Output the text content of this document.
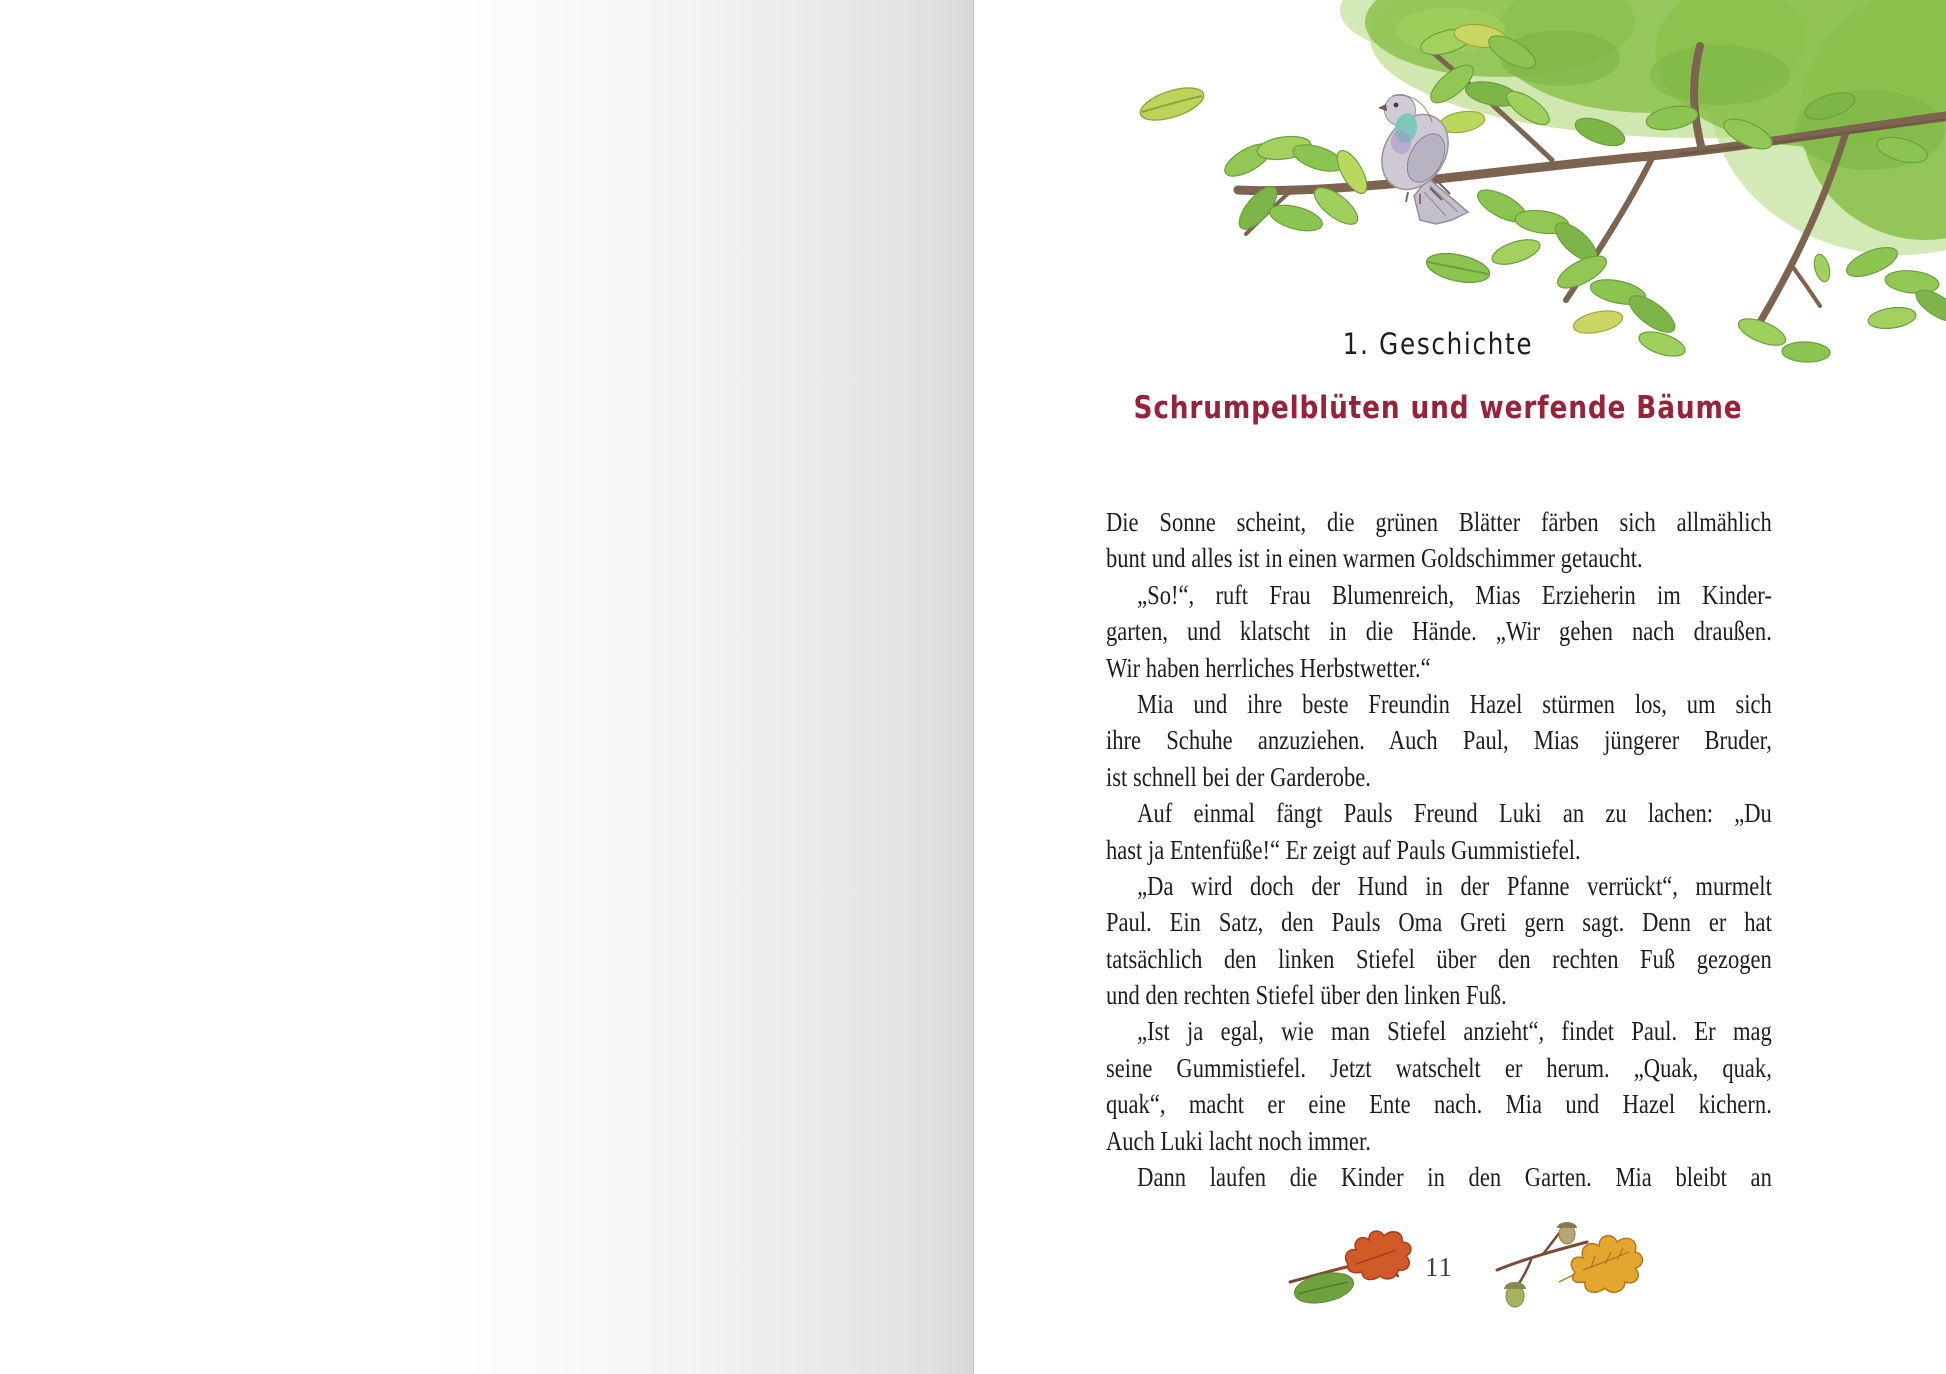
1. Geschichte
Schrumpelblüten und werfende Bäume
Die Sonne scheint, die grünen Blätter färben sich allmählich
bunt und alles ist in einen warmen Goldschimmer getaucht.
„So!“, ruft Frau Blumenreich, Mias Erzieherin im Kinder-
garten, und klatscht in die Hände. „Wir gehen nach draußen.
Wir haben herrliches Herbstwetter.“
Mia und ihre beste Freundin Hazel stürmen los, um sich
ihre Schuhe anzuziehen. Auch Paul, Mias jüngerer Bruder,
ist schnell bei der Garderobe.
Auf einmal fängt Pauls Freund Luki an zu lachen: „Du
hast ja Entenfüße!“ Er zeigt auf Pauls Gummistiefel.
„Da wird doch der Hund in der Pfanne verrückt“, murmelt
Paul. Ein Satz, den Pauls Oma Greti gern sagt. Denn er hat
tatsächlich den linken Stiefel über den rechten Fuß gezogen
und den rechten Stiefel über den linken Fuß.
„Ist ja egal, wie man Stiefel anzieht“, findet Paul. Er mag
seine Gummistiefel. Jetzt watschelt er herum. „Quak, quak,
quak“, macht er eine Ente nach. Mia und Hazel kichern.
Auch Luki lacht noch immer.
Dann laufen die Kinder in den Garten. Mia bleibt an
11
